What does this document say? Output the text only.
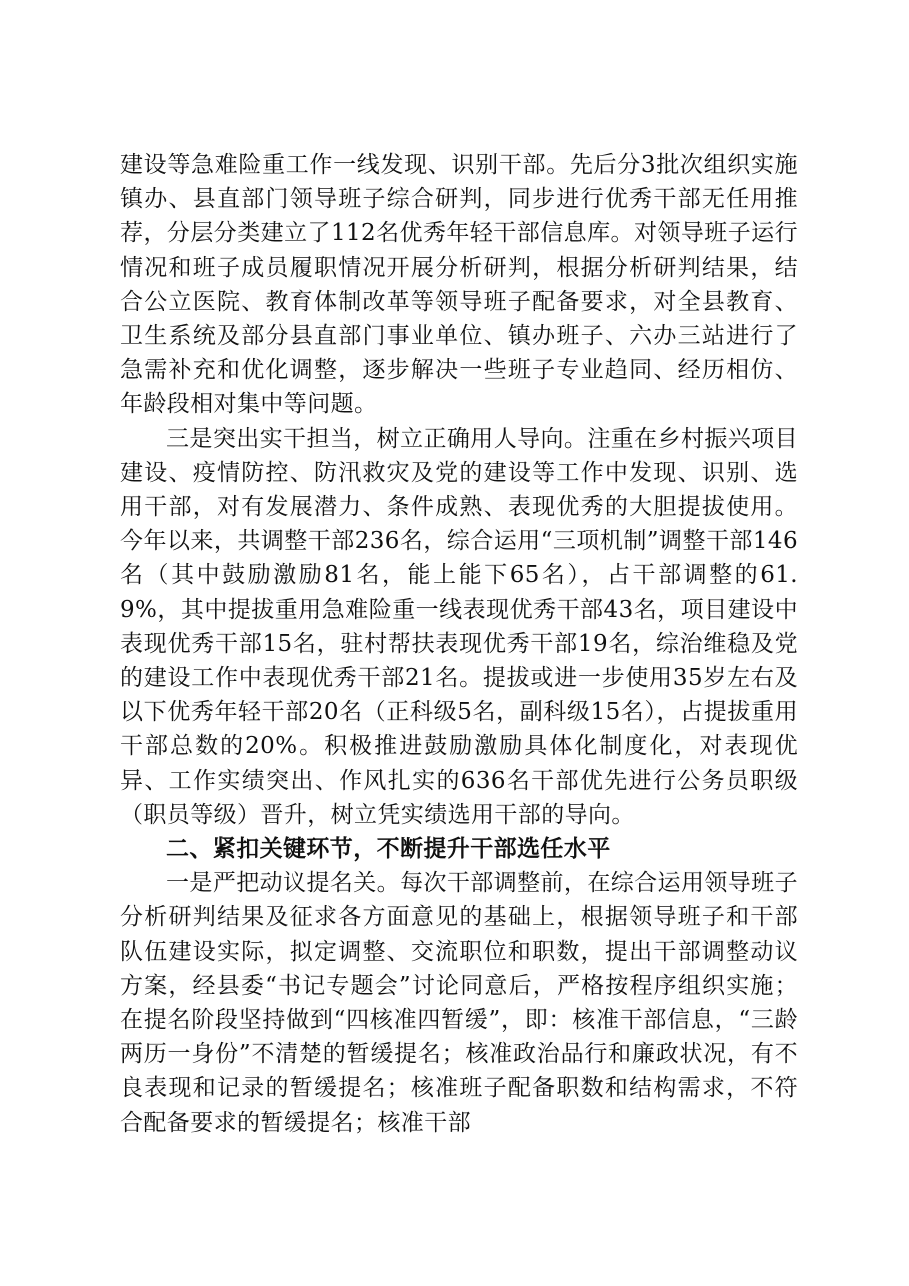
建设等急难险重工作一线发现、识别干部。先后分3批次组织实施镇办、县直部门领导班子综合研判，同步进行优秀干部无任用推荐，分层分类建立了112名优秀年轻干部信息库。对领导班子运行情况和班子成员履职情况开展分析研判，根据分析研判结果，结合公立医院、教育体制改革等领导班子配备要求，对全县教育、卫生系统及部分县直部门事业单位、镇办班子、六办三站进行了急需补充和优化调整，逐步解决一些班子专业趋同、经历相仿、年龄段相对集中等问题。

三是突出实干担当，树立正确用人导向。注重在乡村振兴项目建设、疫情防控、防汛救灾及党的建设等工作中发现、识别、选用干部，对有发展潜力、条件成熟、表现优秀的大胆提拔使用。今年以来，共调整干部236名，综合运用“三项机制”调整干部146名（其中鼓励激励81名，能上能下65名），占干部调整的61.9%，其中提拔重用急难险重一线表现优秀干部43名，项目建设中表现优秀干部15名，驻村帮扶表现优秀干部19名，综治维稳及党的建设工作中表现优秀干部21名。提拔或进一步使用35岁左右及以下优秀年轻干部20名（正科级5名，副科级15名），占提拔重用干部总数的20%。积极推进鼓励激励具体化制度化，对表现优异、工作实绩突出、作风扎实的636名干部优先进行公务员职级（职员等级）晋升，树立凭实绩选用干部的导向。

二、紧扣关键环节，不断提升干部选任水平

一是严把动议提名关。每次干部调整前，在综合运用领导班子分析研判结果及征求各方面意见的基础上，根据领导班子和干部队伍建设实际，拟定调整、交流职位和职数，提出干部调整动议方案，经县委“书记专题会”讨论同意后，严格按程序组织实施；在提名阶段坚持做到“四核准四暂缓”，即：核准干部信息，“三龄两历一身份”不清楚的暂缓提名；核准政治品行和廉政状况，有不良表现和记录的暂缓提名；核准班子配备职数和结构需求，不符合配备要求的暂缓提名；核准干部
